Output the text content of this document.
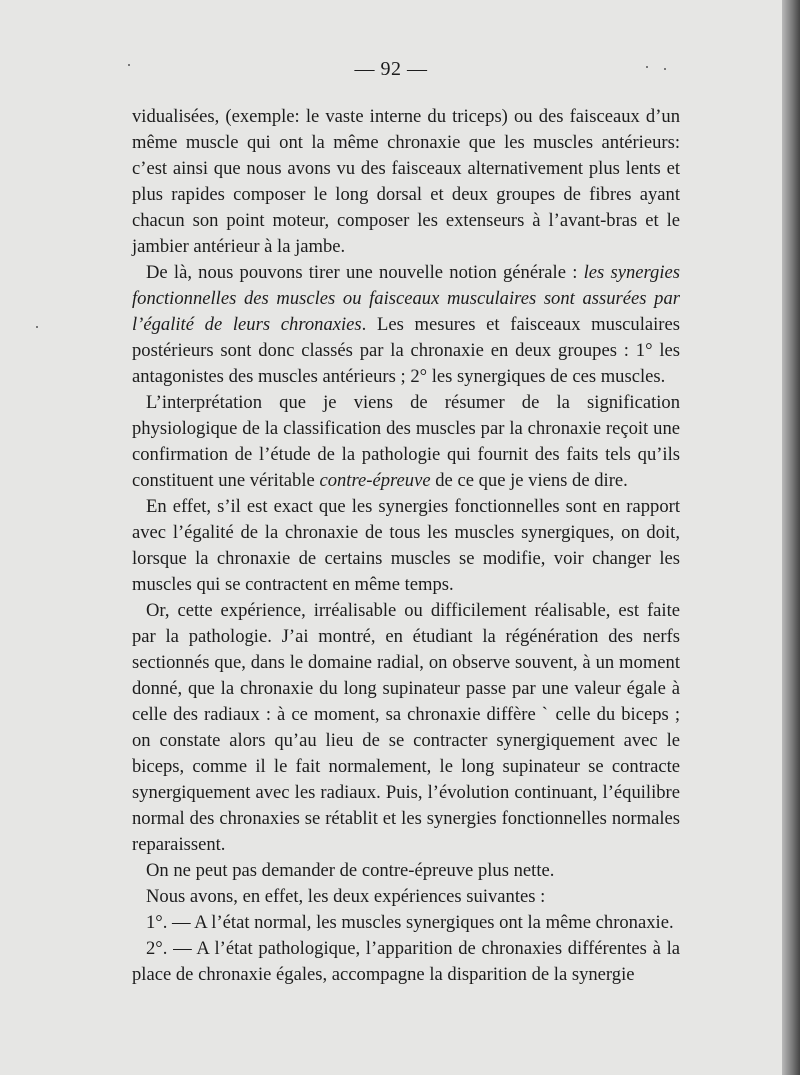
— 92 —

vidualisées, (exemple: le vaste interne du triceps) ou des faisceaux d’un même muscle qui ont la même chronaxie que les muscles antérieurs: c’est ainsi que nous avons vu des faisceaux alternativement plus lents et plus rapides composer le long dorsal et deux groupes de fibres ayant chacun son point moteur, composer les extenseurs à l’avant-bras et le jambier antérieur à la jambe.

De là, nous pouvons tirer une nouvelle notion générale : les synergies fonctionnelles des muscles ou faisceaux musculaires sont assurées par l’égalité de leurs chronaxies. Les mesures et faisceaux musculaires postérieurs sont donc classés par la chronaxie en deux groupes : 1° les antagonistes des muscles antérieurs ; 2° les synergiques de ces muscles.

L’interprétation que je viens de résumer de la signification physiologique de la classification des muscles par la chronaxie reçoit une confirmation de l’étude de la pathologie qui fournit des faits tels qu’ils constituent une véritable contre-épreuve de ce que je viens de dire.

En effet, s’il est exact que les synergies fonctionnelles sont en rapport avec l’égalité de la chronaxie de tous les muscles synergiques, on doit, lorsque la chronaxie de certains muscles se modifie, voir changer les muscles qui se contractent en même temps.

Or, cette expérience, irréalisable ou difficilement réalisable, est faite par la pathologie. J’ai montré, en étudiant la régénération des nerfs sectionnés que, dans le domaine radial, on observe souvent, à un moment donné, que la chronaxie du long supinateur passe par une valeur égale à celle des radiaux : à ce moment, sa chronaxie diffère ˋ celle du biceps ; on constate alors qu’au lieu de se contracter synergiquement avec le biceps, comme il le fait normalement, le long supinateur se contracte synergiquement avec les radiaux. Puis, l’évolution continuant, l’équilibre normal des chronaxies se rétablit et les synergies fonctionnelles normales reparaissent.

On ne peut pas demander de contre-épreuve plus nette.

Nous avons, en effet, les deux expériences suivantes :

1°. — A l’état normal, les muscles synergiques ont la même chronaxie.

2°. — A l’état pathologique, l’apparition de chronaxies différentes à la place de chronaxie égales, accompagne la disparition de la synergie
